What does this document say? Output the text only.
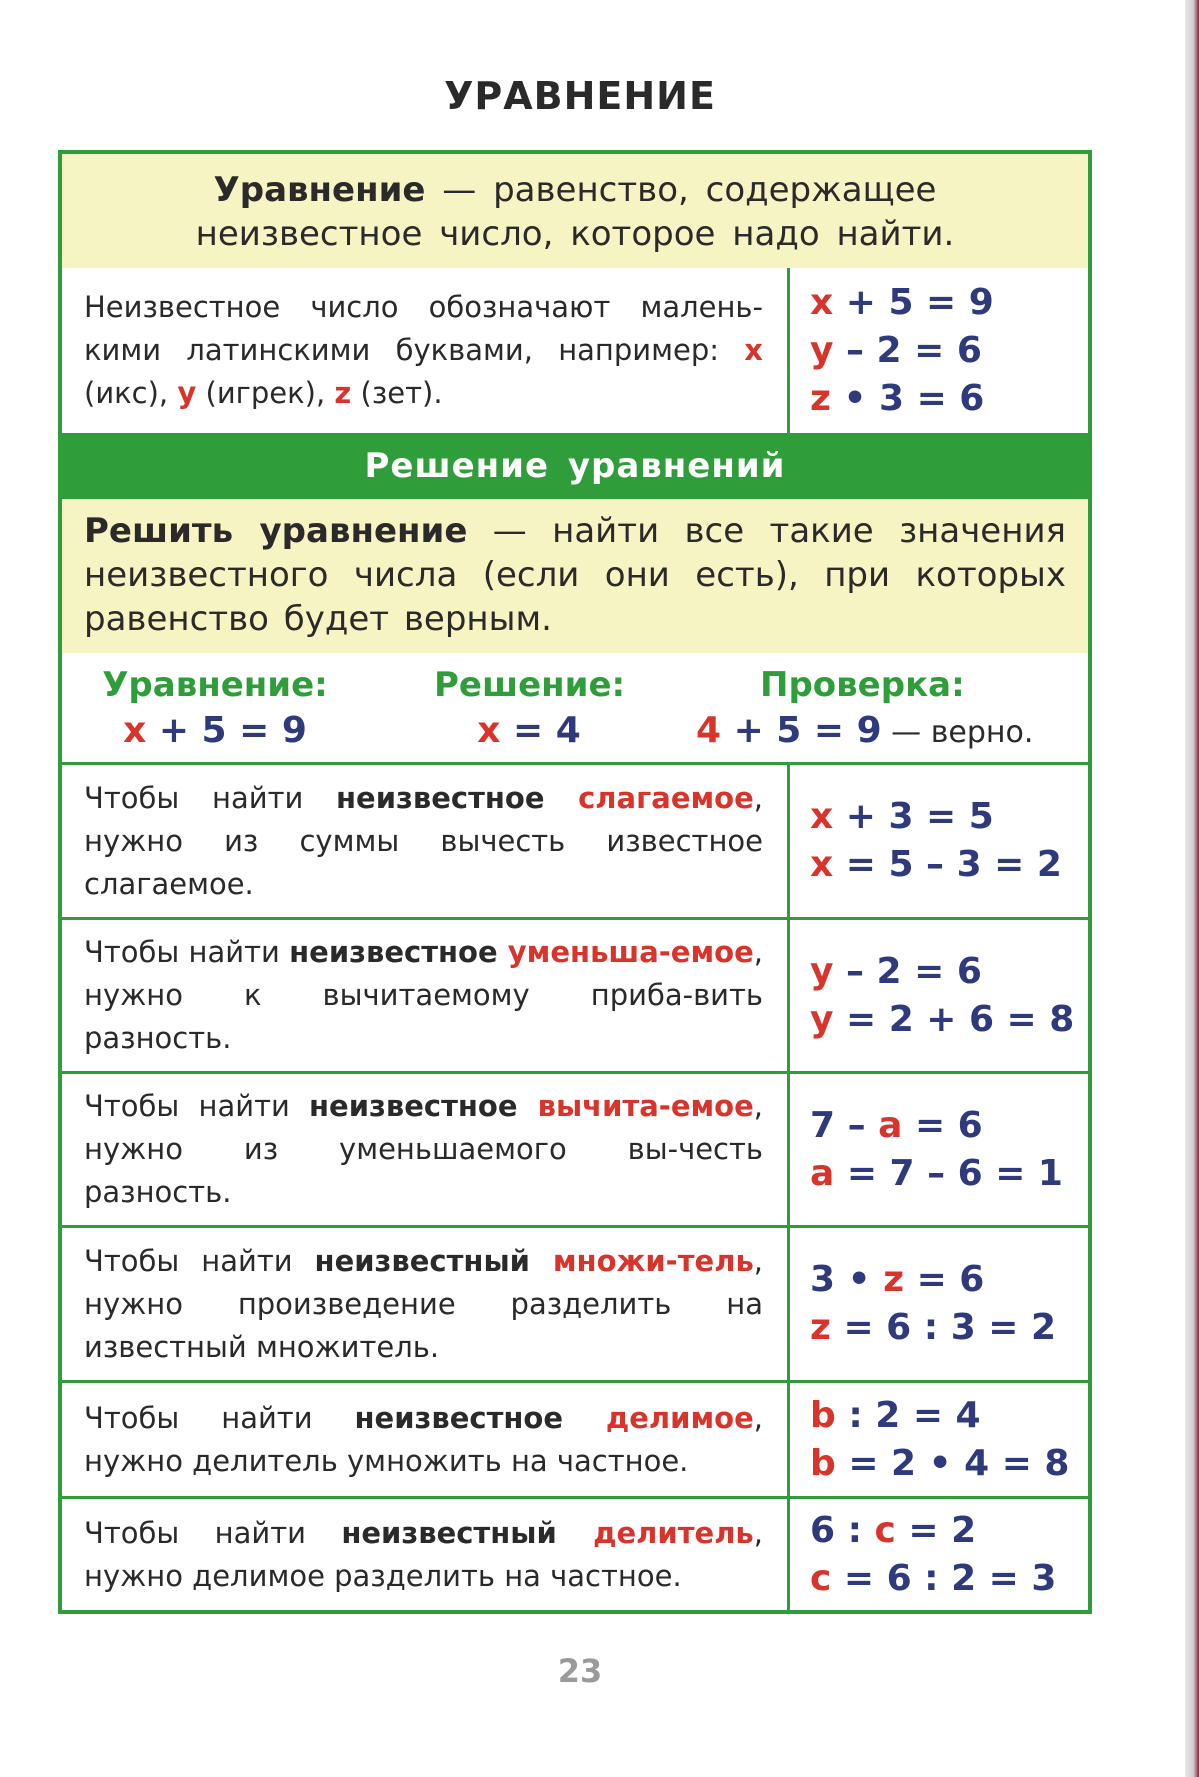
УРАВНЕНИЕ
Уравнение — равенство, содержащее неизвестное число, которое надо найти.
Неизвестное число обозначают малень-кими латинскими буквами, например: x (икс), y (игрек), z (зет).
x + 5 = 9
y – 2 = 6
z • 3 = 6
Решение уравнений
Решить уравнение — найти все такие значения неизвестного числа (если они есть), при которых равенство будет верным.
Уравнение:
x + 5 = 9
Решение:
x = 4
Проверка:
4 + 5 = 9 — верно.
Чтобы найти неизвестное слагаемое, нужно из суммы вычесть известное слагаемое.
x + 3 = 5
x = 5 – 3 = 2
Чтобы найти неизвестное уменьша-емое, нужно к вычитаемому приба-вить разность.
y – 2 = 6
y = 2 + 6 = 8
Чтобы найти неизвестное вычита-емое, нужно из уменьшаемого вы-честь разность.
7 – a = 6
a = 7 – 6 = 1
Чтобы найти неизвестный множи-тель, нужно произведение разделить на известный множитель.
3 • z = 6
z = 6 : 3 = 2
Чтобы найти неизвестное делимое, нужно делитель умножить на частное.
b : 2 = 4
b = 2 • 4 = 8
Чтобы найти неизвестный делитель, нужно делимое разделить на частное.
6 : c = 2
c = 6 : 2 = 3
23
